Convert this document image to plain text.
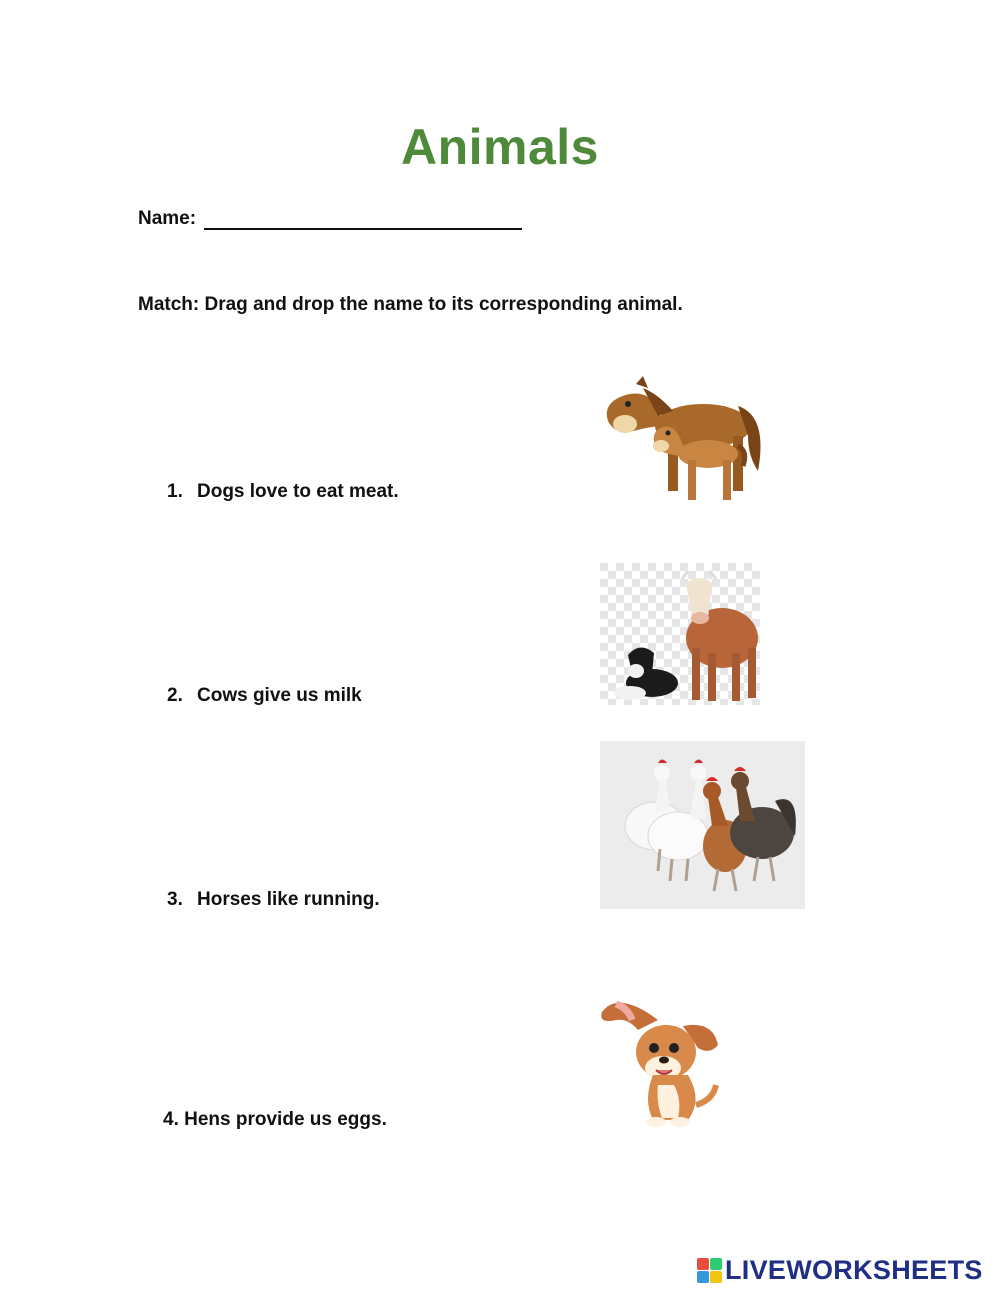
Animals
Name:
Match: Drag and drop the name to its corresponding animal.
1. Dogs love to eat meat.
2. Cows give us milk
3. Horses like running.
4. Hens provide us eggs.
LIVEWORKSHEETS
